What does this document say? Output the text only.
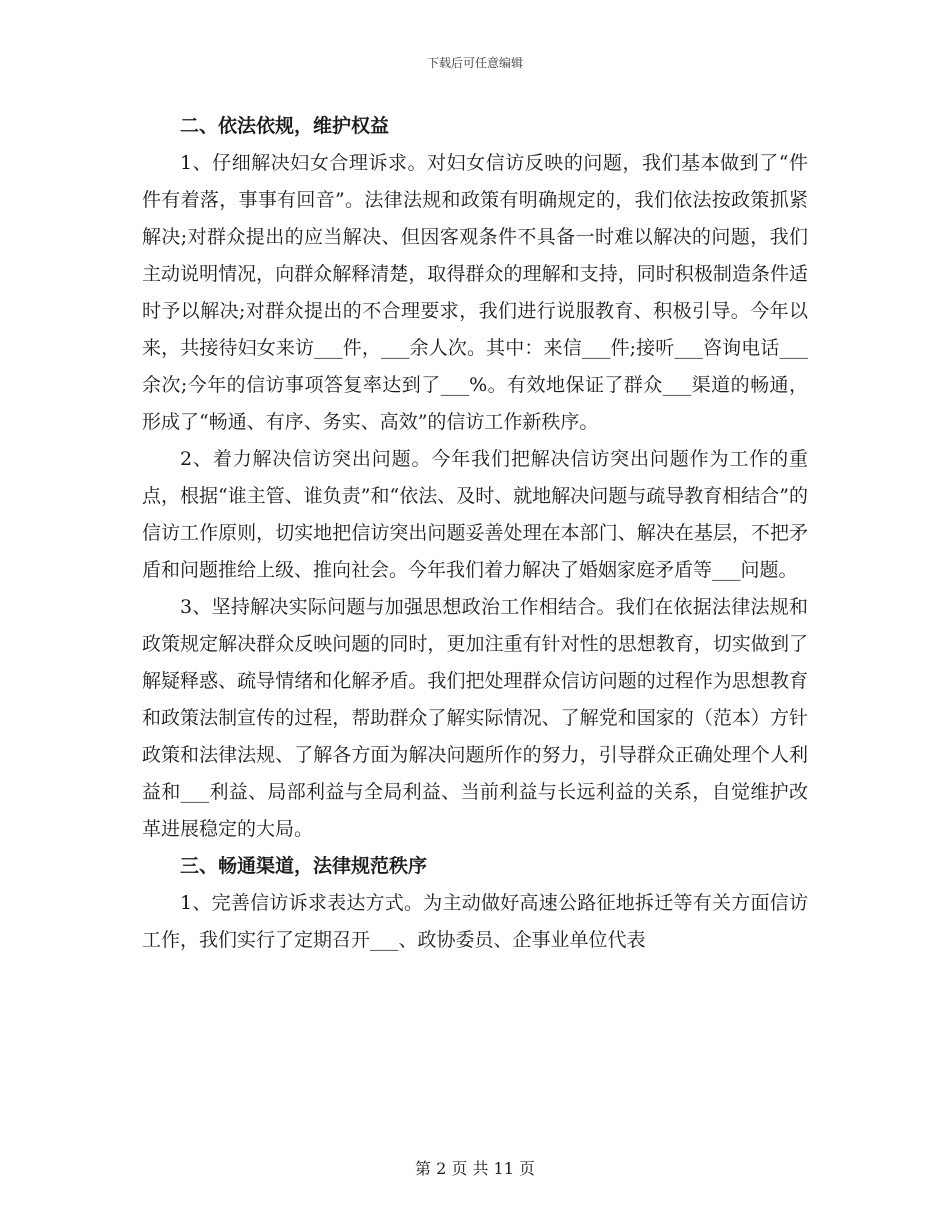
下载后可任意编辑
二、依法依规，维护权益

1、仔细解决妇女合理诉求。对妇女信访反映的问题，我们基本做到了“件件有着落，事事有回音”。法律法规和政策有明确规定的，我们依法按政策抓紧解决;对群众提出的应当解决、但因客观条件不具备一时难以解决的问题，我们主动说明情况，向群众解释清楚，取得群众的理解和支持，同时积极制造条件适时予以解决;对群众提出的不合理要求，我们进行说服教育、积极引导。今年以来，共接待妇女来访___件，___余人次。其中：来信___件;接听___咨询电话___余次;今年的信访事项答复率达到了___%。有效地保证了群众___渠道的畅通，形成了“畅通、有序、务实、高效”的信访工作新秩序。

2、着力解决信访突出问题。今年我们把解决信访突出问题作为工作的重点，根据“谁主管、谁负责”和“依法、及时、就地解决问题与疏导教育相结合”的信访工作原则，切实地把信访突出问题妥善处理在本部门、解决在基层，不把矛盾和问题推给上级、推向社会。今年我们着力解决了婚姻家庭矛盾等___问题。

3、坚持解决实际问题与加强思想政治工作相结合。我们在依据法律法规和政策规定解决群众反映问题的同时，更加注重有针对性的思想教育，切实做到了解疑释惑、疏导情绪和化解矛盾。我们把处理群众信访问题的过程作为思想教育和政策法制宣传的过程，帮助群众了解实际情况、了解党和国家的（范本）方针政策和法律法规、了解各方面为解决问题所作的努力，引导群众正确处理个人利益和___利益、局部利益与全局利益、当前利益与长远利益的关系，自觉维护改革进展稳定的大局。

三、畅通渠道，法律规范秩序

1、完善信访诉求表达方式。为主动做好高速公路征地拆迁等有关方面信访工作，我们实行了定期召开___、政协委员、企事业单位代表

第 2 页 共 11 页
